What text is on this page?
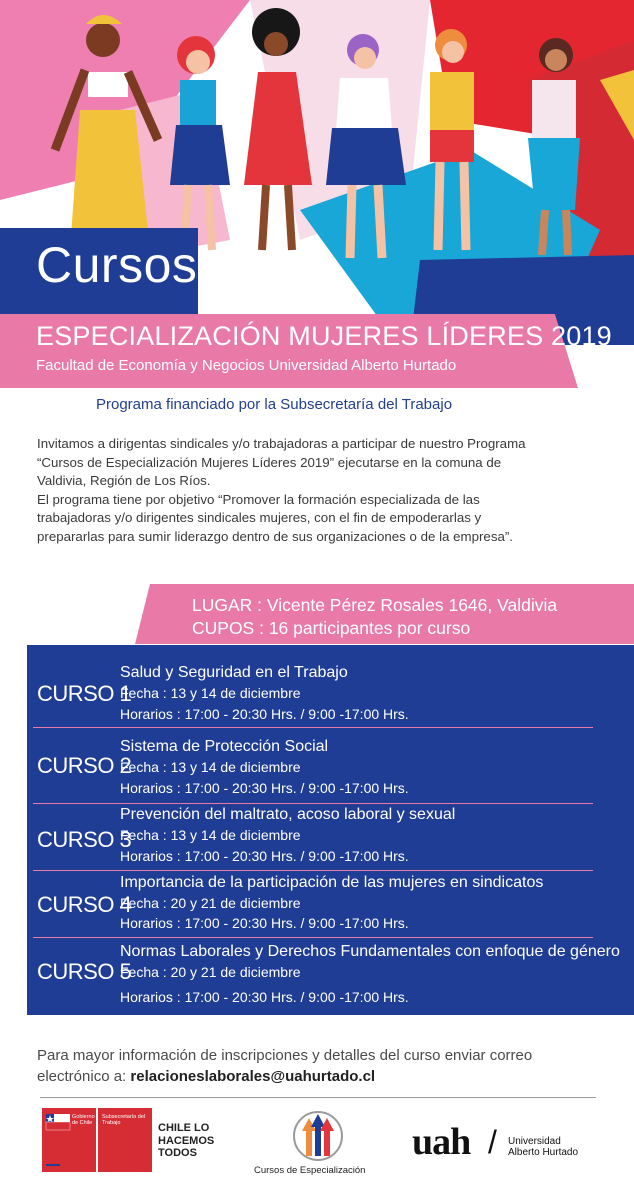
Cursos
ESPECIALIZACIÓN MUJERES LÍDERES 2019
Facultad de Economía y Negocios Universidad Alberto Hurtado
Programa financiado por la Subsecretaría del Trabajo

Invitamos a dirigentas sindicales y/o trabajadoras a participar de nuestro Programa

“Cursos de Especialización Mujeres Líderes 2019” ejecutarse en la comuna de

Valdivia, Región de Los Ríos.

El programa tiene por objetivo “Promover la formación especializada de las

trabajadoras y/o dirigentes sindicales mujeres, con el fin de empoderarlas y

prepararlas para sumir liderazgo dentro de sus organizaciones o de la empresa”.

LUGAR : Vicente Pérez Rosales 1646, Valdivia
CUPOS : 16 participantes por curso
CURSO 1
Salud y Seguridad en el Trabajo
Fecha : 13 y 14 de diciembre
Horarios : 17:00 - 20:30 Hrs. / 9:00 -17:00 Hrs.
CURSO 2
Sistema de Protección Social
Fecha : 13 y 14 de diciembre
Horarios : 17:00 - 20:30 Hrs. / 9:00 -17:00 Hrs.
CURSO 3
Prevención del maltrato, acoso laboral y sexual
Fecha : 13 y 14 de diciembre
Horarios : 17:00 - 20:30 Hrs. / 9:00 -17:00 Hrs.
CURSO 4
Importancia de la participación de las mujeres en sindicatos
Fecha : 20 y 21 de diciembre
Horarios : 17:00 - 20:30 Hrs. / 9:00 -17:00 Hrs.
CURSO 5
Normas Laborales y Derechos Fundamentales con enfoque de género
Fecha : 20 y 21 de diciembre
Horarios : 17:00 - 20:30 Hrs. / 9:00 -17:00 Hrs.
Para mayor información de inscripciones y detalles del curso enviar correo
electrónico a: relacioneslaborales@uahurtado.cl
Gobierno de Chile
Subsecretaría del Trabajo	CHILE LO
HACEMOS
TODOS
Cursos de Especialización
uah / Universidad
Alberto Hurtado
